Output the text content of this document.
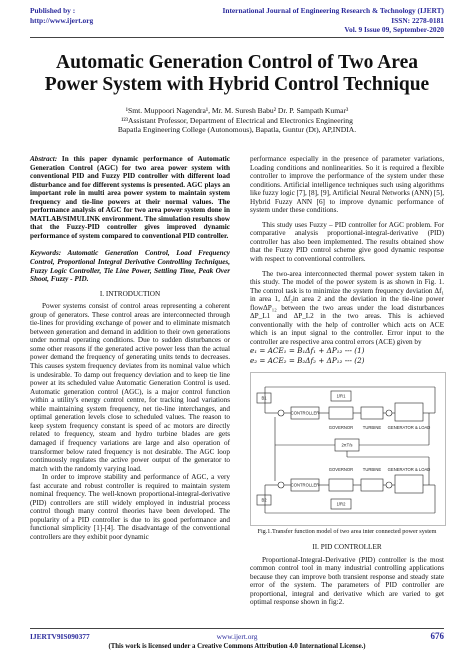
Published by :
http://www.ijert.org
International Journal of Engineering Research & Technology (IJERT)
ISSN: 2278-0181
Vol. 9 Issue 09, September-2020
Automatic Generation Control of Two Area
Power System with Hybrid Control Technique
¹Smt. Muppoori Nagendra¹, Mr. M. Suresh Babu² Dr. P. Sampath Kumar³
¹²³Assistant Professor, Department of Electrical and Electronics Engineering
Bapatla Engineering College (Autonomous), Bapatla, Guntur (Dt), AP,INDIA.

Abstract: In this paper dynamic performance of Automatic Generation Control (AGC) for two area power system with conventional PID and Fuzzy PID controller with different load disturbance and for different systems is presented. AGC plays an important role in multi area power system to maintain system frequency and tie-line powers at their normal values. The performance analysis of AGC for two area power system done in MATLAB/SIMULINK environment. The simulation results show that the Fuzzy-PID controller gives improved dynamic performance of system compared to conventional PID controller.

Keywords: Automatic Generation Control, Load Frequency Control, Proportional Integral Derivative Controlling Techniques, Fuzzy Logic Controller, Tie Line Power, Settling Time, Peak Over Shoot, Fuzzy - PID.

I. INTRODUCTION

Power systems consist of control areas representing a coherent group of generators. These control areas are interconnected through tie-lines for providing exchange of power and to eliminate mismatch between generation and demand in addition to their own generations under normal operating conditions. Due to sudden disturbances or some other reasons if the generated active power less than the actual power demand the frequency of generating units tends to decreases. This causes system frequency deviates from its nominal value which is undesirable. To damp out frequency deviation and to keep tie line power at its scheduled value Automatic Generation Control is used. Automatic generation control (AGC), is a major control function within a utility's energy control centre, for tracking load variations while maintaining system frequency, net tie-line interchanges, and optimal generation levels close to scheduled values. The reason to keep system frequency constant is speed of ac motors are directly related to frequency, steam and hydro turbine blades are gets damaged if frequency variations are large and also operation of transformer below rated frequency is not desirable. The AGC loop continuously regulates the active power output of the generator to match with the randomly varying load.

In order to improve stability and performance of AGC, a very fast accurate and robust controller is required to maintain system nominal frequency. The well-known proportional-integral-derivative (PID) controllers are still widely employed in industrial process control though many control theories have been developed. The popularity of a PID controller is due to its good performance and functional simplicity [1]-[4]. The disadvantage of the conventional controllers are they exhibit poor dynamic

performance especially in the presence of parameter variations, Loading conditions and nonlinearities. So it is required a flexible controller to improve the performance of the system under these conditions. Artificial intelligence techniques such using algorithms like fuzzy logic [7], [8], [9], Artificial Neural Networks (ANN) [5], Hybrid Fuzzy ANN [6] to improve dynamic performance of system under these conditions.

This study uses Fuzzy – PID controller for AGC problem. For comparative analysis proportional-integral-derivative (PID) controller has also been implemented. The results obtained show that the Fuzzy PID control scheme give good dynamic response with respect to conventional controllers.

The two-area interconnected thermal power system taken in this study. The model of the power system is as shown in Fig. 1. The control task is to minimize the system frequency deviation Δf₁ in area 1, Δf₂in area 2 and the deviation in the tie-line power flowΔP₁₂ between the two areas under the load disturbances ΔP_L1 and ΔP_L2 in the two areas. This is achieved conventionally with the help of controller which acts on ACE which is an input signal to the controller. Error input to the controller are respective area control errors (ACE) given by

e₁ = ACE₁ = B₁Δf₁ + ΔP₁₂ --- (1)

e₂ = ACE₂ = B₂Δf₂ + ΔP₁₂ --- (2)

CONTROLLER
GOVERNOR TURBINE GENERATOR & LOAD
B1	1/R1
2πT/s
CONTROLLER
GOVERNOR TURBINE GENERATOR & LOAD
B2
1/R2

Fig.1.Transfer function model of two area inter connected power system

II. PID CONTROLLER

Proportional-Integral-Derivative (PID) controller is the most common control tool in many industrial controlling applications because they can improve both transient response and steady state error of the system. The parameters of PID controller are proportional, integral and derivative which are varied to get optimal response shown in fig:2.

IJERTV9IS090377	www.ijert.org	676
(This work is licensed under a Creative Commons Attribution 4.0 International License.)
